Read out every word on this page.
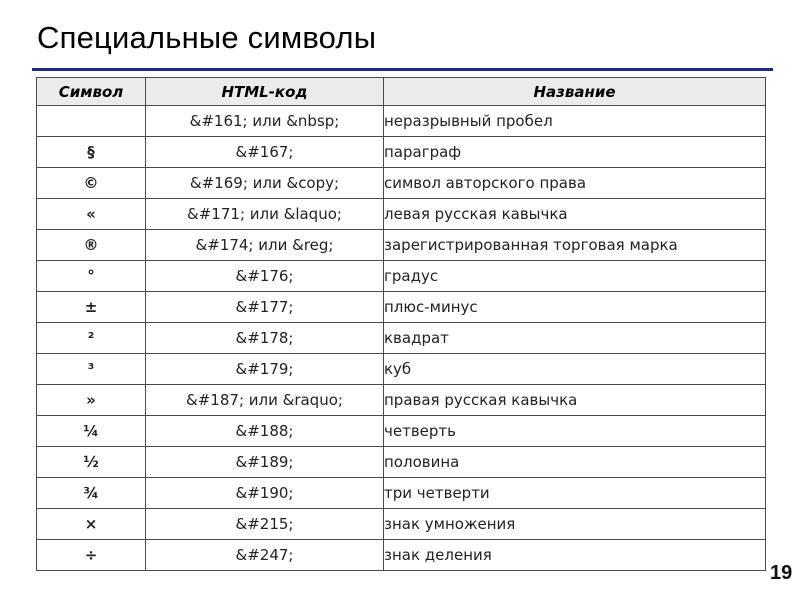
Специальные символы
Символ	HTML-код	Название
	&#161; или &nbsp;	неразрывный пробел
§	&#167;	параграф
©	&#169; или &copy;	символ авторского права
«	&#171; или &laquo;	левая русская кавычка
®	&#174; или &reg;	зарегистрированная торговая марка
°	&#176;	градус
±	&#177;	плюс-минус
²	&#178;	квадрат
³	&#179;	куб
»	&#187; или &raquo;	правая русская кавычка
¼	&#188;	четверть
½	&#189;	половина
¾	&#190;	три четверти
×	&#215;	знак умножения
÷	&#247;	знак деления
19
